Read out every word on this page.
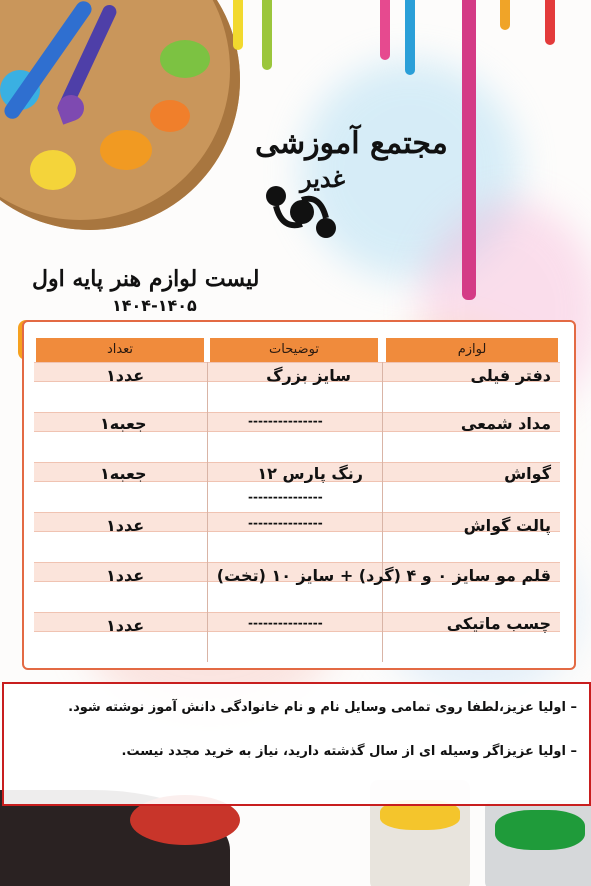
مجتمع آموزشی
غدیر
لیست لوازم هنر پایه اول
۱۴۰۴-۱۴۰۵
لوازم
توضیحات
تعداد
دفتر فیلی
سایز بزرگ
۱عدد
مداد شمعی
---------------
۱جعبه
گواش
۱۲ رنگ پارس
۱جعبه
---------------
پالت گواش
---------------
۱عدد
قلم مو سایز ۰ و ۴ (گرد) + سایز ۱۰ (تخت)
۱عدد
چسب ماتیکی
---------------
۱عدد
– اولیا عزیز،لطفا روی تمامی وسایل نام و نام خانوادگی دانش آموز نوشته شود.
– اولیا عزیزاگر وسیله ای از سال گذشته دارید، نیاز به خرید مجدد نیست.
